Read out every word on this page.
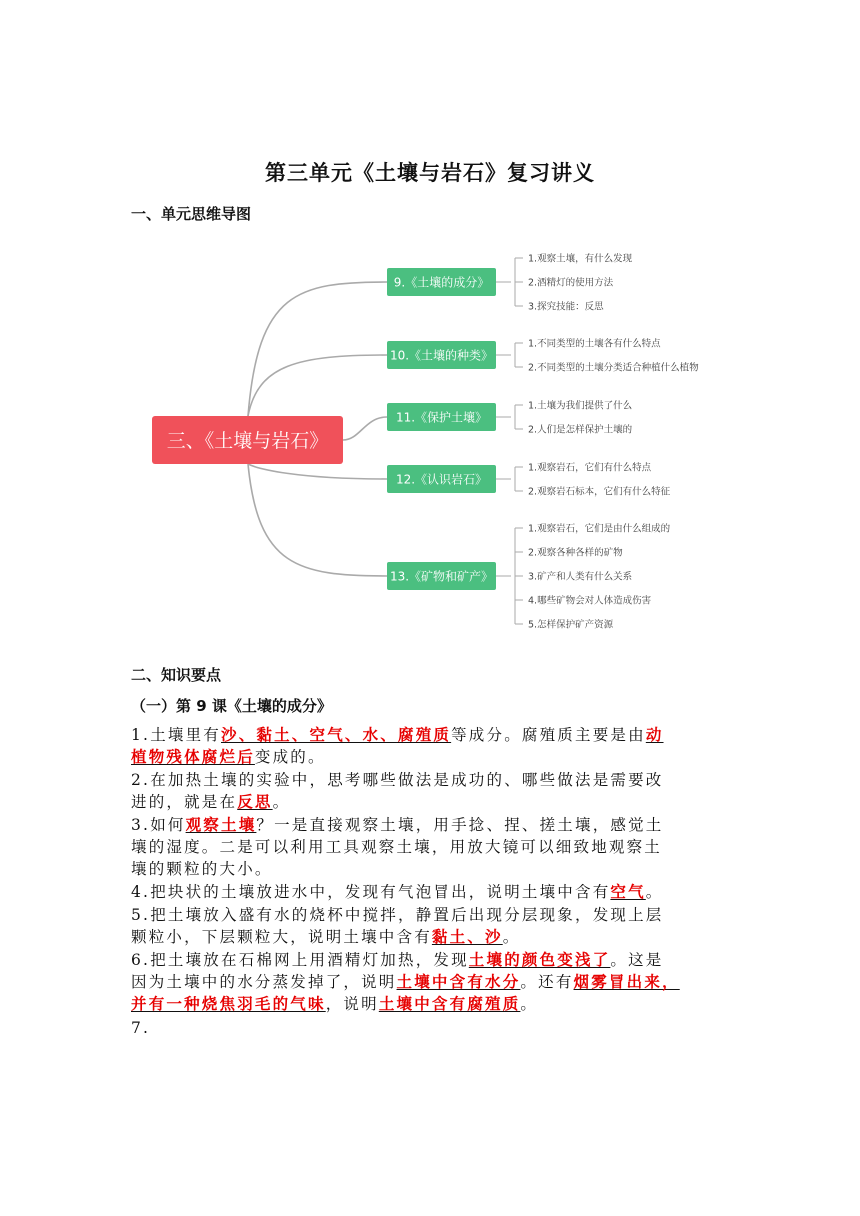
第三单元《土壤与岩石》复习讲义
一、单元思维导图
三、《土壤与岩石》
9.《土壤的成分》
1.观察土壤，有什么发现
2.酒精灯的使用方法
3.探究技能：反思
10.《土壤的种类》
1.不同类型的土壤各有什么特点
2.不同类型的土壤分类适合种植什么植物
11.《保护土壤》
1.土壤为我们提供了什么
2.人们是怎样保护土壤的
12.《认识岩石》
1.观察岩石，它们有什么特点
2.观察岩石标本，它们有什么特征
13.《矿物和矿产》
1.观察岩石，它们是由什么组成的
2.观察各种各样的矿物
3.矿产和人类有什么关系
4.哪些矿物会对人体造成伤害
5.怎样保护矿产资源
二、知识要点
（一）第 9 课《土壤的成分》
1.土壤里有沙、黏土、空气、水、腐殖质等成分。腐殖质主要是由动
植物残体腐烂后变成的。
2.在加热土壤的实验中，思考哪些做法是成功的、哪些做法是需要改
进的，就是在反思。
3.如何观察土壤？一是直接观察土壤，用手捻、捏、搓土壤，感觉土
壤的湿度。二是可以利用工具观察土壤，用放大镜可以细致地观察土
壤的颗粒的大小。
4.把块状的土壤放进水中，发现有气泡冒出，说明土壤中含有空气。
5.把土壤放入盛有水的烧杯中搅拌，静置后出现分层现象，发现上层
颗粒小，下层颗粒大，说明土壤中含有黏土、沙。
6.把土壤放在石棉网上用酒精灯加热，发现土壤的颜色变浅了。这是
因为土壤中的水分蒸发掉了，说明土壤中含有水分。还有烟雾冒出来，
并有一种烧焦羽毛的气味，说明土壤中含有腐殖质。
7.
